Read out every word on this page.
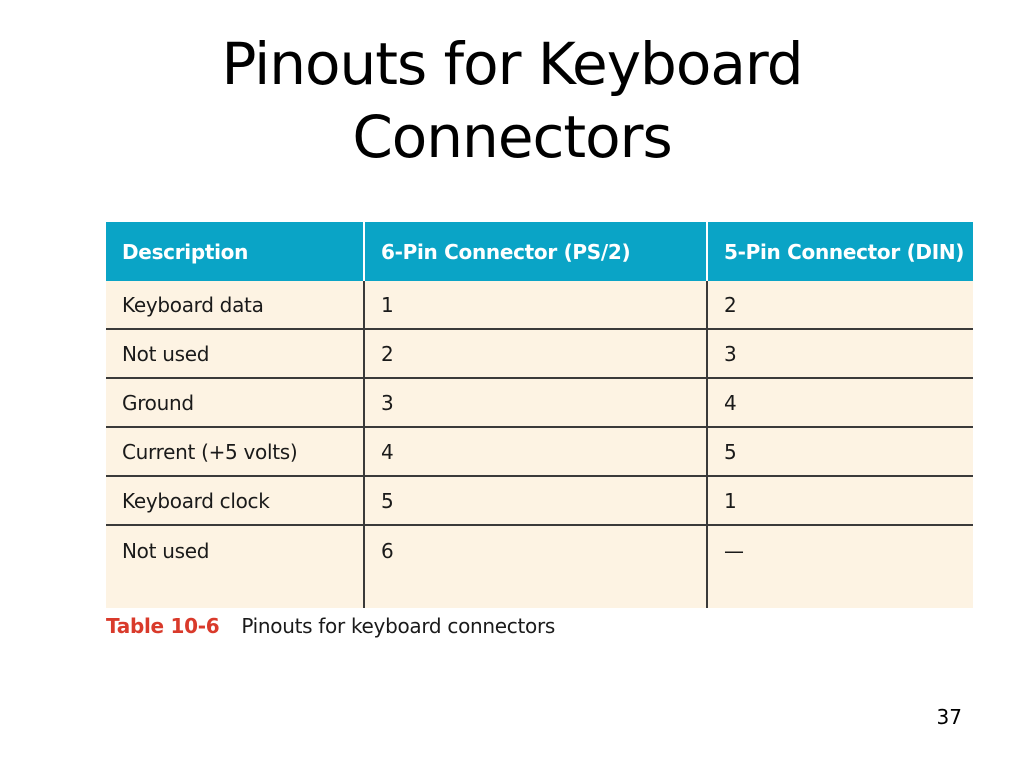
Pinouts for Keyboard
Connectors
Description	6-Pin Connector (PS/2)	5-Pin Connector (DIN)
Keyboard data	1	2
Not used	2	3
Ground	3	4
Current (+5 volts)	4	5
Keyboard clock	5	1
Not used	6	—
Table 10-6 Pinouts for keyboard connectors
37
